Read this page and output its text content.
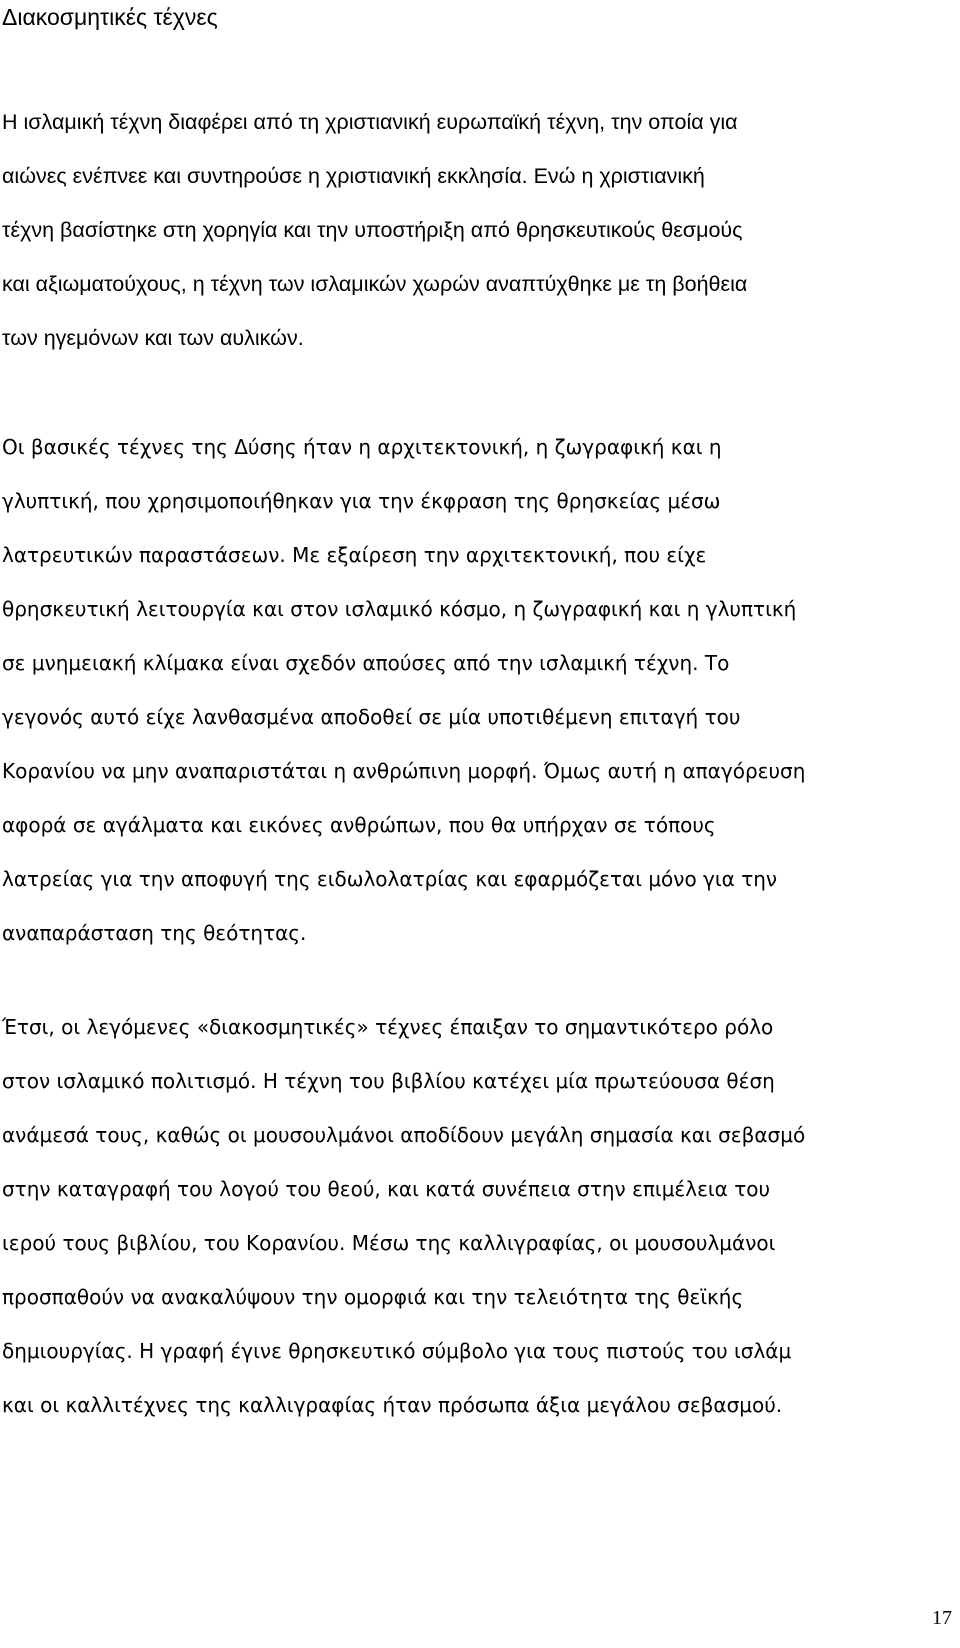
Διακοσμητικές τέχνες
Η ισλαμική τέχνη διαφέρει από τη χριστιανική ευρωπαϊκή τέχνη, την οποία για
αιώνες ενέπνεε και συντηρούσε η χριστιανική εκκλησία. Ενώ η χριστιανική
τέχνη βασίστηκε στη χορηγία και την υποστήριξη από θρησκευτικούς θεσμούς
και αξιωματούχους, η τέχνη των ισλαμικών χωρών αναπτύχθηκε με τη βοήθεια
των ηγεμόνων και των αυλικών.
Οι βασικές τέχνες της Δύσης ήταν η αρχιτεκτονική, η ζωγραφική και η
γλυπτική, που χρησιμοποιήθηκαν για την έκφραση της θρησκείας μέσω
λατρευτικών παραστάσεων. Με εξαίρεση την αρχιτεκτονική, που είχε
θρησκευτική λειτουργία και στον ισλαμικό κόσμο, η ζωγραφική και η γλυπτική
σε μνημειακή κλίμακα είναι σχεδόν απούσες από την ισλαμική τέχνη. Το
γεγονός αυτό είχε λανθασμένα αποδοθεί σε μία υποτιθέμενη επιταγή του
Κορανίου να μην αναπαριστάται η ανθρώπινη μορφή. Όμως αυτή η απαγόρευση
αφορά σε αγάλματα και εικόνες ανθρώπων, που θα υπήρχαν σε τόπους
λατρείας για την αποφυγή της ειδωλολατρίας και εφαρμόζεται μόνο για την
αναπαράσταση της θεότητας.
Έτσι, οι λεγόμενες «διακοσμητικές» τέχνες έπαιξαν το σημαντικότερο ρόλο
στον ισλαμικό πολιτισμό. Η τέχνη του βιβλίου κατέχει μία πρωτεύουσα θέση
ανάμεσά τους, καθώς οι μουσουλμάνοι αποδίδουν μεγάλη σημασία και σεβασμό
στην καταγραφή του λογού του θεού, και κατά συνέπεια στην επιμέλεια του
ιερού τους βιβλίου, του Κορανίου. Μέσω της καλλιγραφίας, οι μουσουλμάνοι
προσπαθούν να ανακαλύψουν την ομορφιά και την τελειότητα της θεϊκής
δημιουργίας. Η γραφή έγινε θρησκευτικό σύμβολο για τους πιστούς του ισλάμ
και οι καλλιτέχνες της καλλιγραφίας ήταν πρόσωπα άξια μεγάλου σεβασμού.

17
